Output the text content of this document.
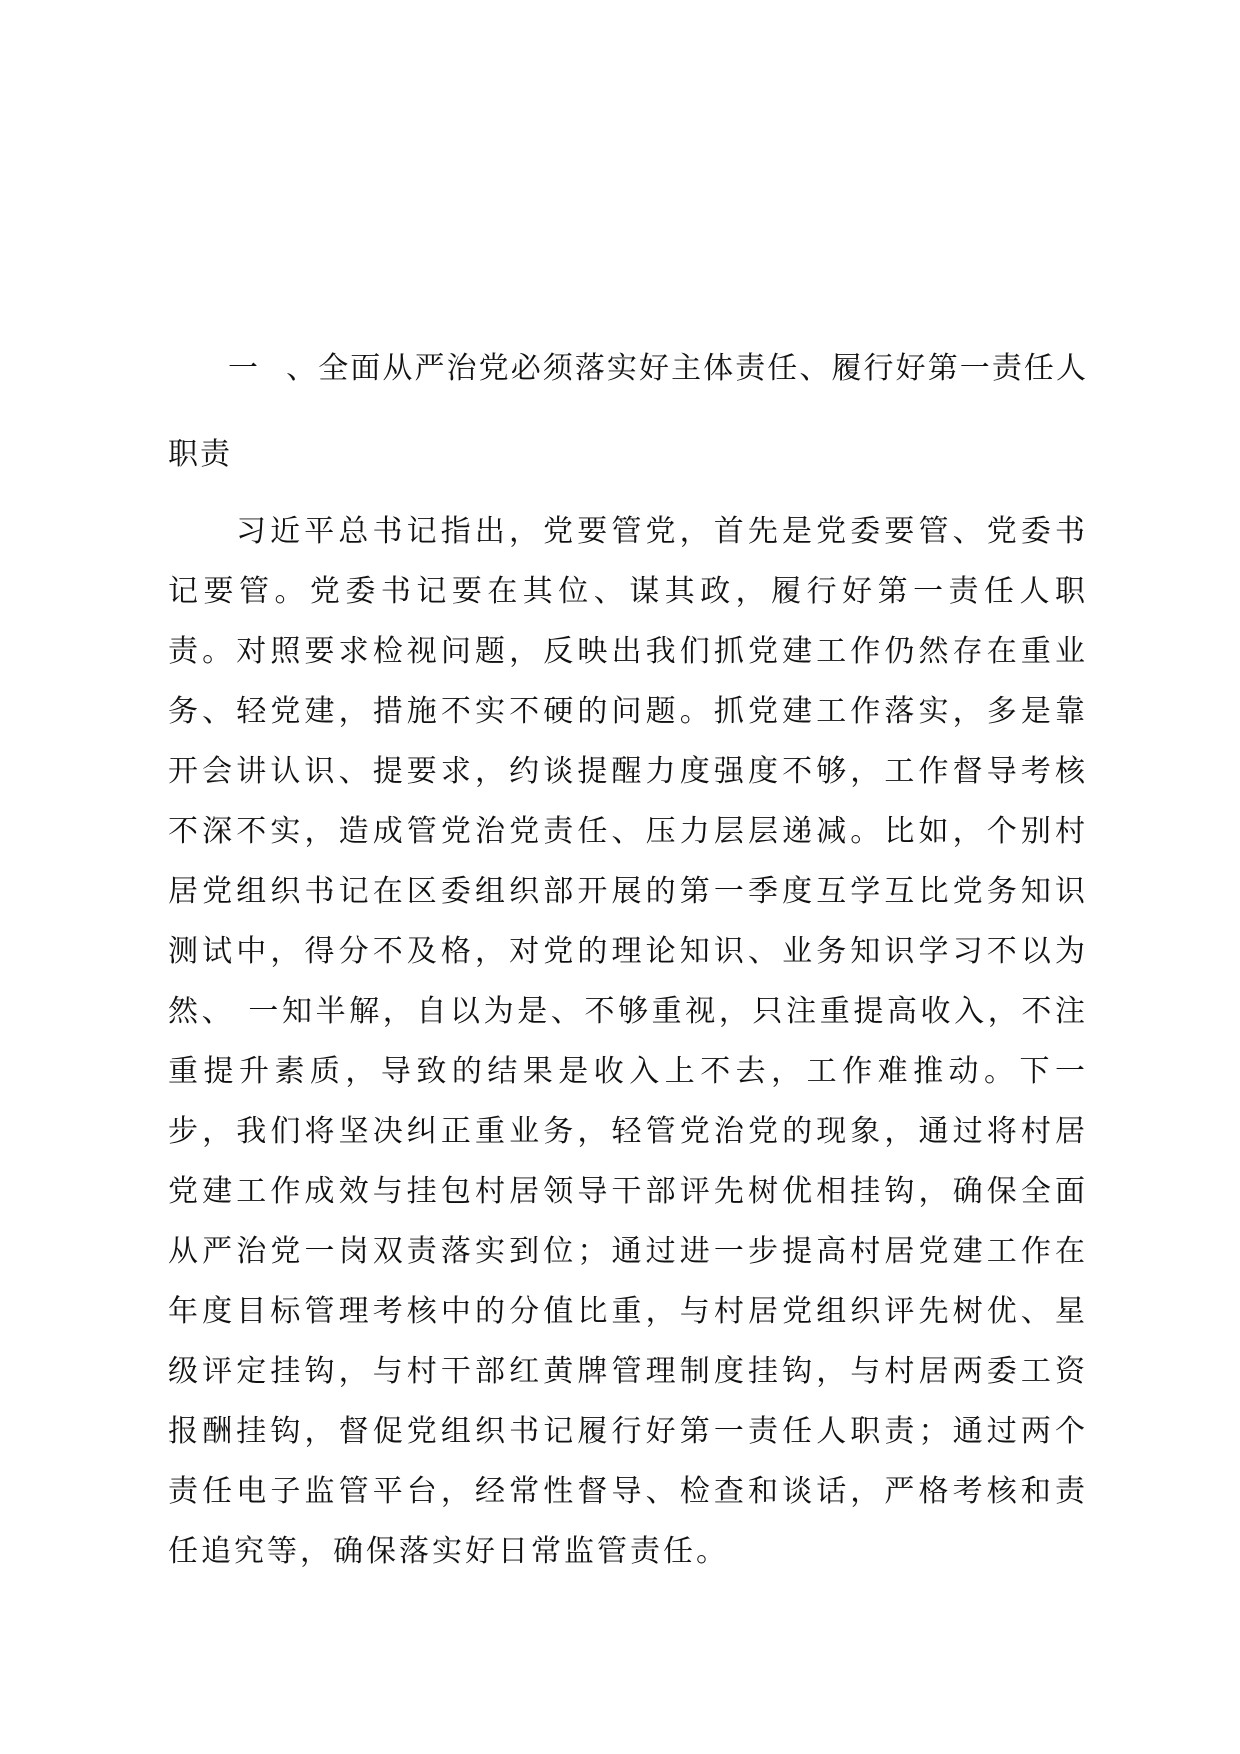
一 、全面从严治党必须落实好主体责任、履行好第一责任人职责

习近平总书记指出，党要管党，首先是党委要管、党委书记要管。党委书记要在其位、谋其政，履行好第一责任人职责。对照要求检视问题，反映出我们抓党建工作仍然存在重业务、轻党建，措施不实不硬的问题。抓党建工作落实，多是靠开会讲认识、提要求，约谈提醒力度强度不够，工作督导考核不深不实，造成管党治党责任、压力层层递减。比如，个别村居党组织书记在区委组织部开展的第一季度互学互比党务知识测试中，得分不及格，对党的理论知识、业务知识学习不以为然、 一知半解，自以为是、不够重视，只注重提高收入，不注重提升素质，导致的结果是收入上不去，工作难推动。下一步，我们将坚决纠正重业务，轻管党治党的现象，通过将村居党建工作成效与挂包村居领导干部评先树优相挂钩，确保全面从严治党一岗双责落实到位；通过进一步提高村居党建工作在年度目标管理考核中的分值比重，与村居党组织评先树优、星级评定挂钩，与村干部红黄牌管理制度挂钩，与村居两委工资报酬挂钩，督促党组织书记履行好第一责任人职责；通过两个责任电子监管平台，经常性督导、检查和谈话，严格考核和责任追究等，确保落实好日常监管责任。
